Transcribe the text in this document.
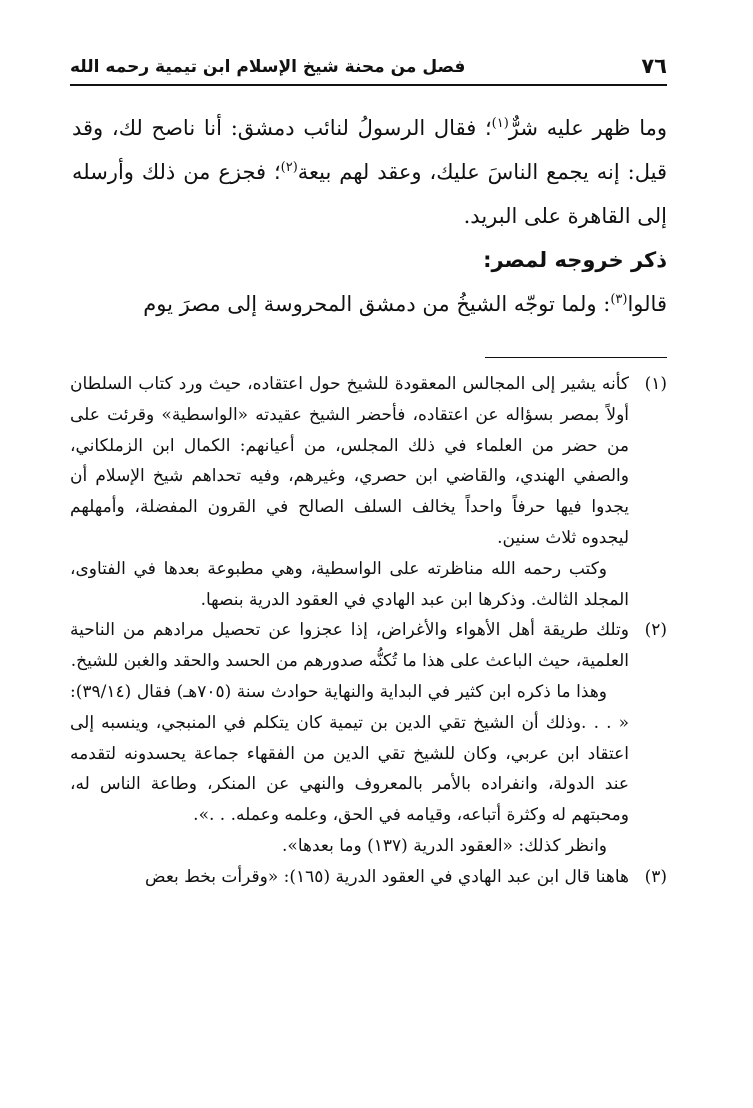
٧٦
فصل من محنة شيخ الإسلام ابن تيمية رحمه الله

وما ظهر عليه شرٌّ$^{(١)}$؛ فقال الرسولُ لنائب دمشق: أنا ناصح لك، وقد قيل: إنه يجمع الناسَ عليك، وعقد لهم بيعة$^{(٢)}$؛ فجزع من ذلك وأرسله إلى القاهرة على البريد.

ذكر خروجه لمصر:

قالوا$^{(٣)}$: ولما توجّه الشيخُ من دمشق المحروسة إلى مصرَ يوم

(١)

كأنه يشير إلى المجالس المعقودة للشيخ حول اعتقاده، حيث ورد كتاب السلطان أولاً بمصر بسؤاله عن اعتقاده، فأحضر الشيخ عقيدته «الواسطية» وقرئت على من حضر من العلماء في ذلك المجلس، من أعيانهم: الكمال ابن الزملكاني، والصفي الهندي، والقاضي ابن حصري، وغيرهم، وفيه تحداهم شيخ الإسلام أن يجدوا فيها حرفاً واحداً يخالف السلف الصالح في القرون المفضلة، وأمهلهم ليجدوه ثلاث سنين.

وكتب رحمه الله مناظرته على الواسطية، وهي مطبوعة بعدها في الفتاوى، المجلد الثالث. وذكرها ابن عبد الهادي في العقود الدرية بنصها.

(٢)

وتلك طريقة أهل الأهواء والأغراض، إذا عجزوا عن تحصيل مرادهم من الناحية العلمية، حيث الباعث على هذا ما تُكنُّه صدورهم من الحسد والحقد والغبن للشيخ.

وهذا ما ذكره ابن كثير في البداية والنهاية حوادث سنة (٧٠٥هـ) فقال (٣٩/١٤): « . . .وذلك أن الشيخ تقي الدين بن تيمية كان يتكلم في المنبجي، وينسبه إلى اعتقاد ابن عربي، وكان للشيخ تقي الدين من الفقهاء جماعة يحسدونه لتقدمه عند الدولة، وانفراده بالأمر بالمعروف والنهي عن المنكر، وطاعة الناس له، ومحبتهم له وكثرة أتباعه، وقيامه في الحق، وعلمه وعمله. . .».

وانظر كذلك: «العقود الدرية (١٣٧) وما بعدها».

(٣)

هاهنا قال ابن عبد الهادي في العقود الدرية (١٦٥): «وقرأت بخط بعض
